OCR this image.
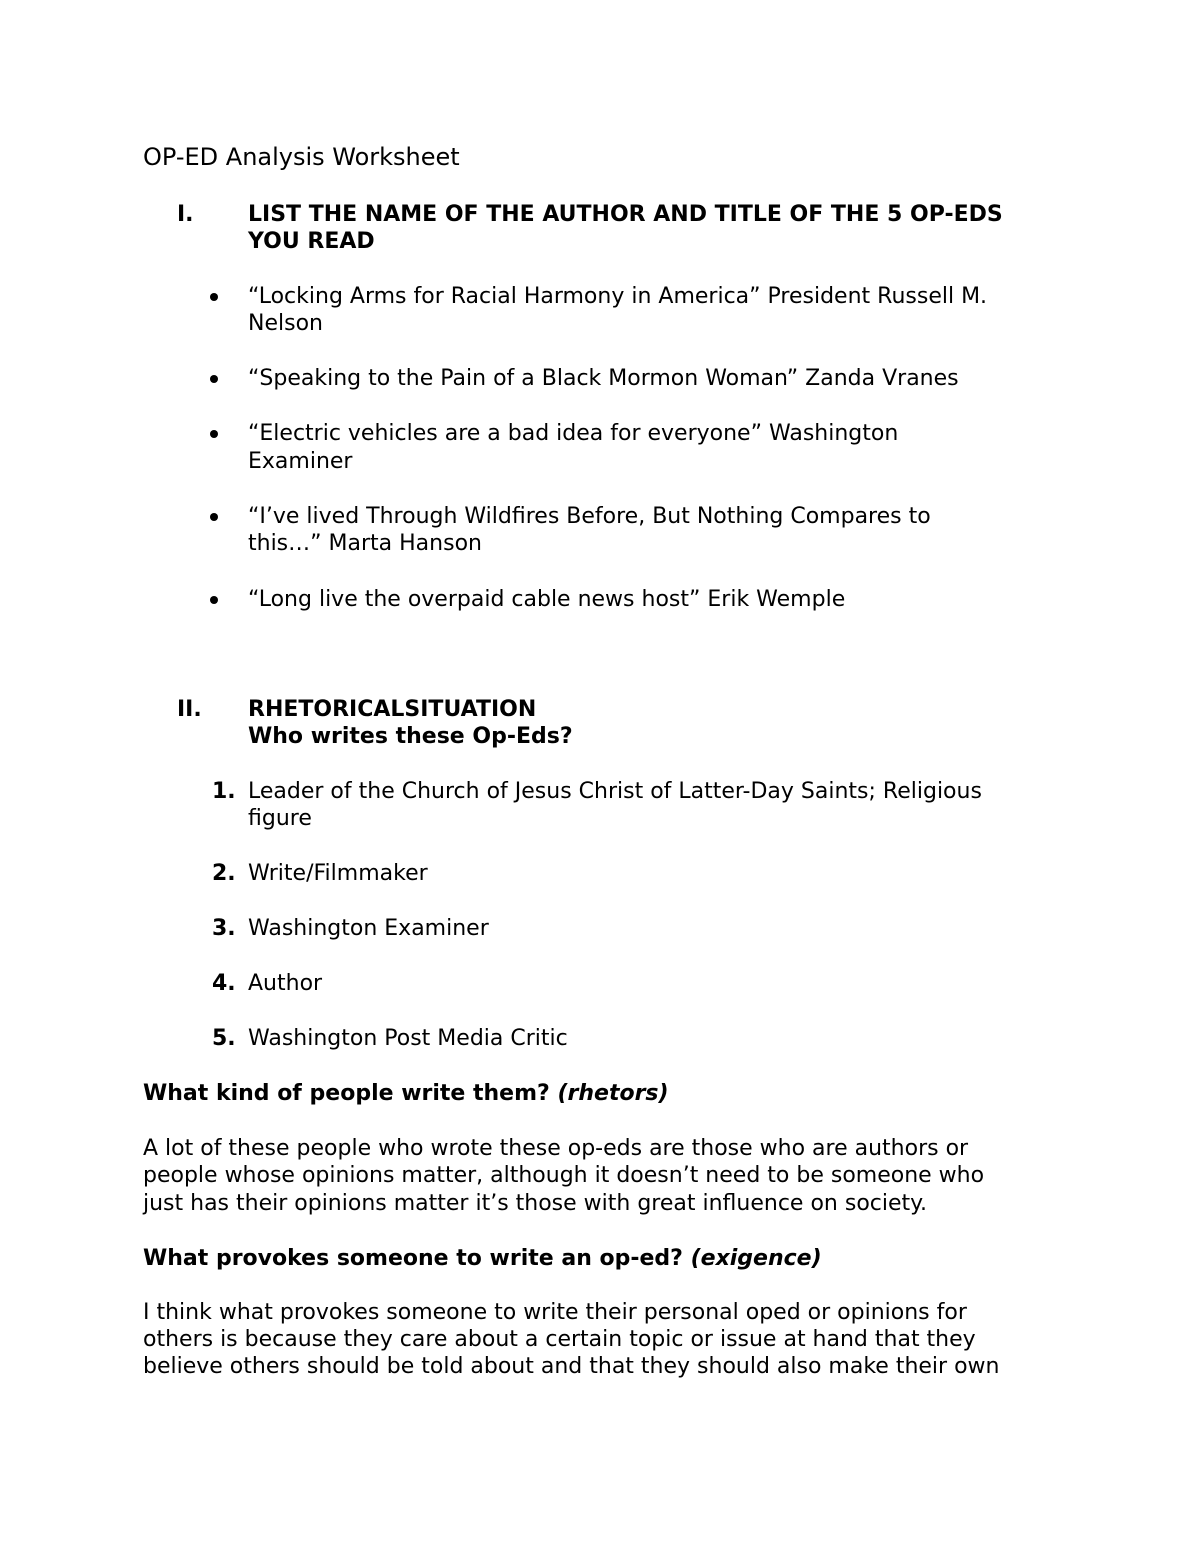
OP-ED Analysis Worksheet
I. LIST THE NAME OF THE AUTHOR AND TITLE OF THE 5 OP-EDS
YOU READ
“Locking Arms for Racial Harmony in America” President Russell M.
Nelson
“Speaking to the Pain of a Black Mormon Woman” Zanda Vranes
“Electric vehicles are a bad idea for everyone” Washington
Examiner
“I’ve lived Through Wildfires Before, But Nothing Compares to
this…” Marta Hanson
“Long live the overpaid cable news host” Erik Wemple
II. RHETORICALSITUATION
Who writes these Op-Eds?
1. Leader of the Church of Jesus Christ of Latter-Day Saints; Religious
figure
2. Write/Filmmaker
3. Washington Examiner
4. Author
5. Washington Post Media Critic
What kind of people write them? (rhetors)
A lot of these people who wrote these op-eds are those who are authors or
people whose opinions matter, although it doesn’t need to be someone who
just has their opinions matter it’s those with great influence on society.
What provokes someone to write an op-ed? (exigence)
I think what provokes someone to write their personal oped or opinions for
others is because they care about a certain topic or issue at hand that they
believe others should be told about and that they should also make their own
